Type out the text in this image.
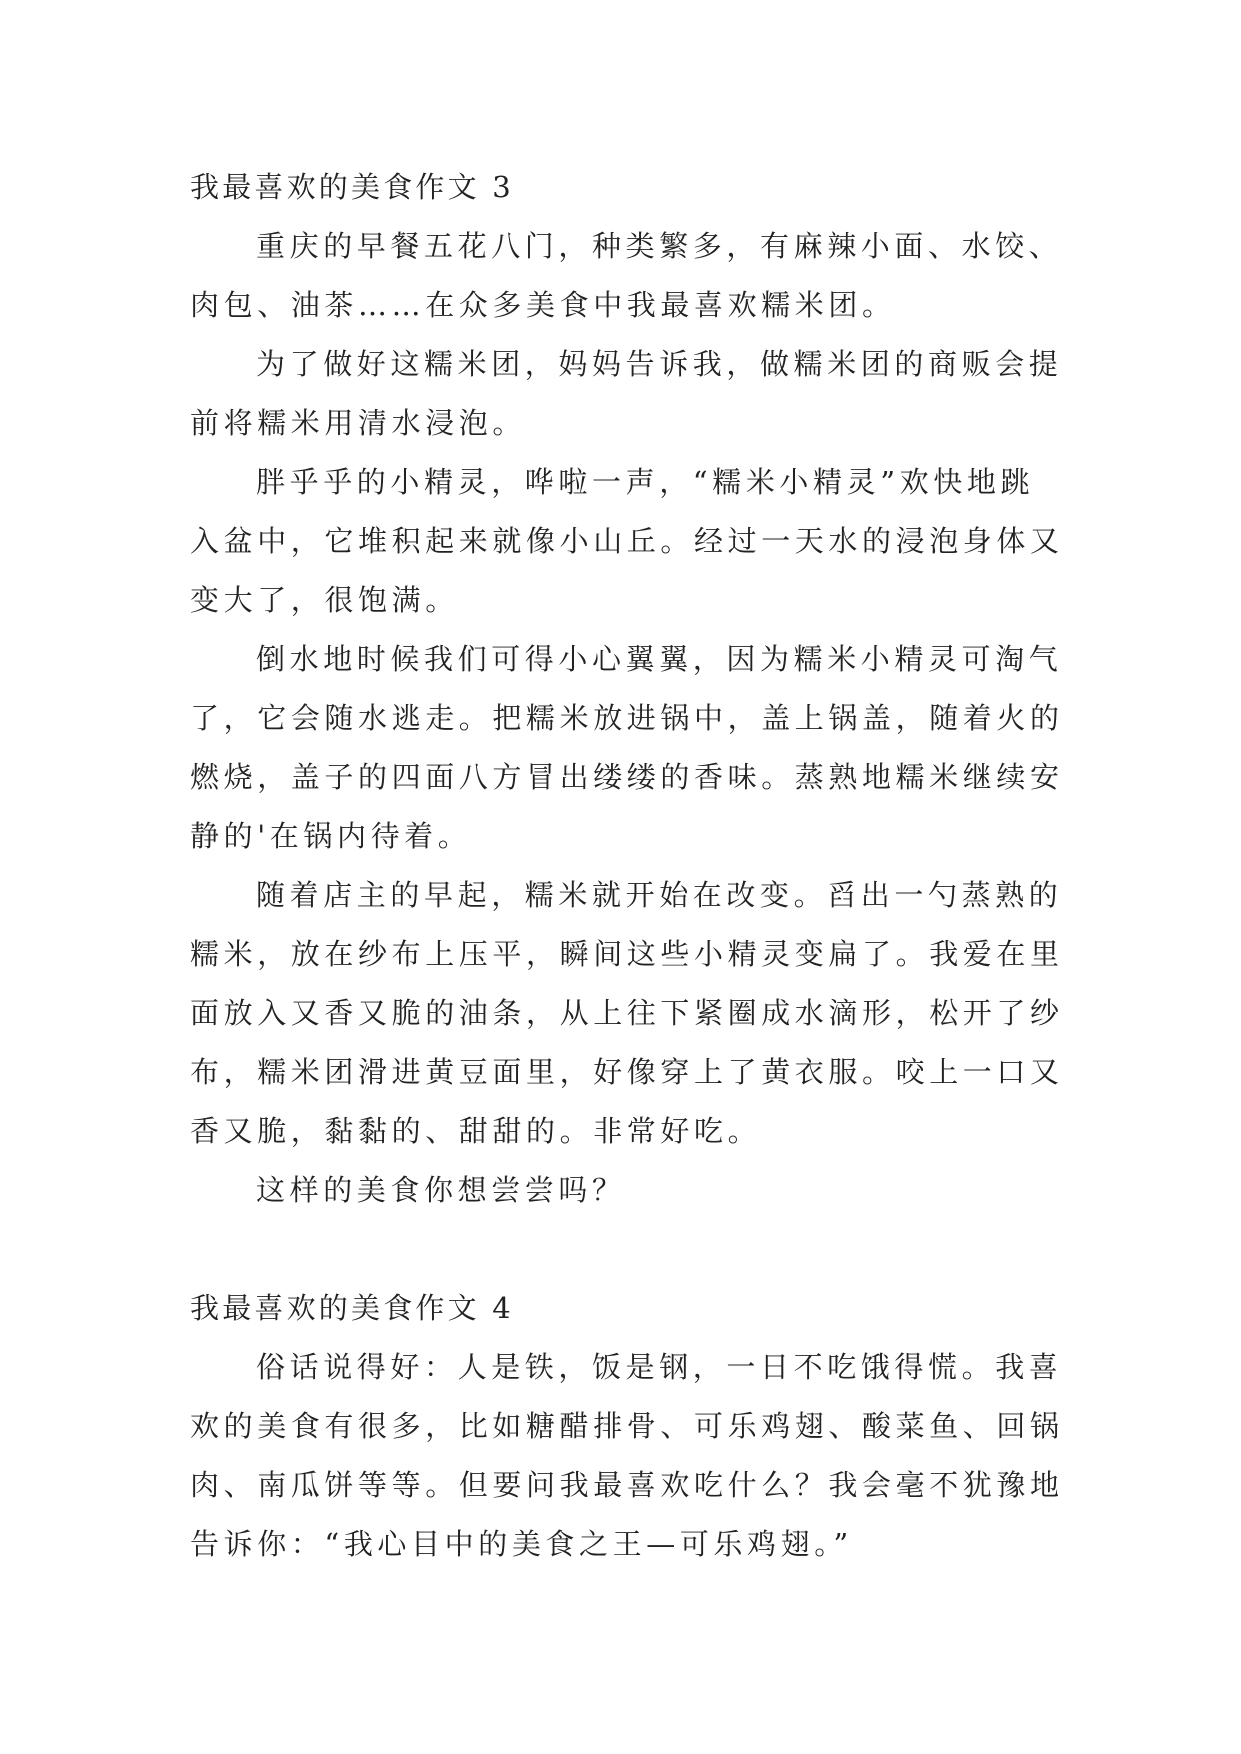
我最喜欢的美食作文 3
重庆的早餐五花八门，种类繁多，有麻辣小面、水饺、
肉包、油茶……在众多美食中我最喜欢糯米团。
为了做好这糯米团，妈妈告诉我，做糯米团的商贩会提
前将糯米用清水浸泡。
胖乎乎的小精灵，哗啦一声，“糯米小精灵”欢快地跳
入盆中，它堆积起来就像小山丘。经过一天水的浸泡身体又
变大了，很饱满。
倒水地时候我们可得小心翼翼，因为糯米小精灵可淘气
了，它会随水逃走。把糯米放进锅中，盖上锅盖，随着火的
燃烧，盖子的四面八方冒出缕缕的香味。蒸熟地糯米继续安
静的'在锅内待着。
随着店主的早起，糯米就开始在改变。舀出一勺蒸熟的
糯米，放在纱布上压平，瞬间这些小精灵变扁了。我爱在里
面放入又香又脆的油条，从上往下紧圈成水滴形，松开了纱
布，糯米团滑进黄豆面里，好像穿上了黄衣服。咬上一口又
香又脆，黏黏的、甜甜的。非常好吃。
这样的美食你想尝尝吗？
我最喜欢的美食作文 4
俗话说得好：人是铁，饭是钢，一日不吃饿得慌。我喜
欢的美食有很多，比如糖醋排骨、可乐鸡翅、酸菜鱼、回锅
肉、南瓜饼等等。但要问我最喜欢吃什么？我会毫不犹豫地
告诉你：“我心目中的美食之王—可乐鸡翅。”
